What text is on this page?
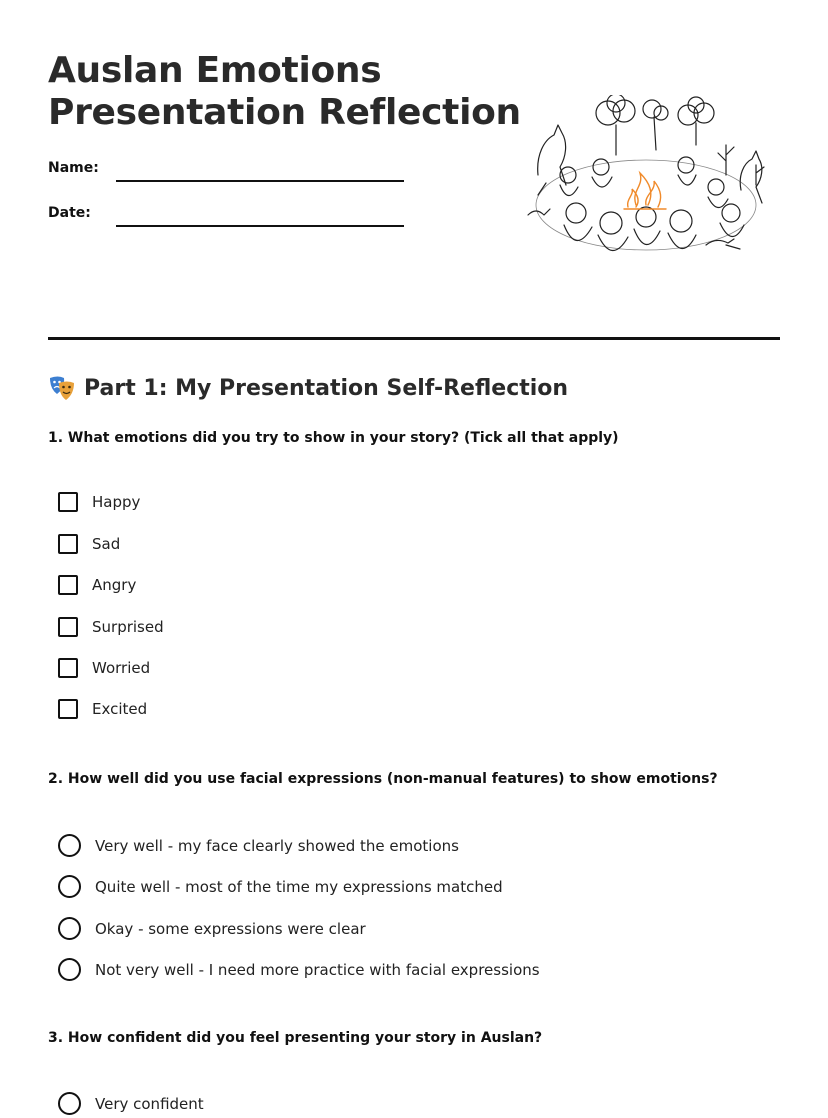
Auslan Emotions
Presentation Reflection
Name:
Date:
Part 1: My Presentation Self-Reflection
1. What emotions did you try to show in your story? (Tick all that apply)
Happy
Sad
Angry
Surprised
Worried
Excited
2. How well did you use facial expressions (non-manual features) to show emotions?
Very well - my face clearly showed the emotions
Quite well - most of the time my expressions matched
Okay - some expressions were clear
Not very well - I need more practice with facial expressions
3. How confident did you feel presenting your story in Auslan?
Very confident
